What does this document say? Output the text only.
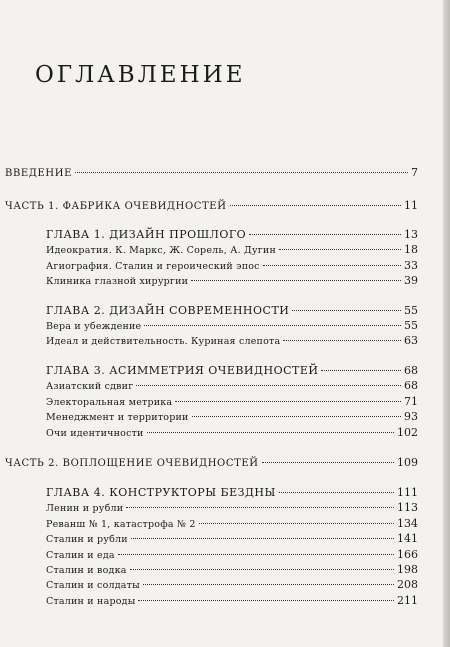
ОГЛАВЛЕНИЕ
ВВЕДЕНИЕ	7
ЧАСТЬ 1. ФАБРИКА ОЧЕВИДНОСТЕЙ	11
ГЛАВА 1. ДИЗАЙН ПРОШЛОГО	13
Идеократия. К. Маркс, Ж. Сорель, А. Дугин	18
Агиография. Сталин и героический эпос	33
Клиника глазной хирургии	39
ГЛАВА 2. ДИЗАЙН СОВРЕМЕННОСТИ	55
Вера и убеждение	55
Идеал и действительность. Куриная слепота	63
ГЛАВА 3. АСИММЕТРИЯ ОЧЕВИДНОСТЕЙ	68
Азиатский сдвиг	68
Электоральная метрика	71
Менеджмент и территории	93
Очи идентичности	102
ЧАСТЬ 2. ВОПЛОЩЕНИЕ ОЧЕВИДНОСТЕЙ	109
ГЛАВА 4. КОНСТРУКТОРЫ БЕЗДНЫ	111
Ленин и рубли	113
Реванш № 1, катастрофа № 2	134
Сталин и рубли	141
Сталин и еда	166
Сталин и водка	198
Сталин и солдаты	208
Сталин и народы	211
